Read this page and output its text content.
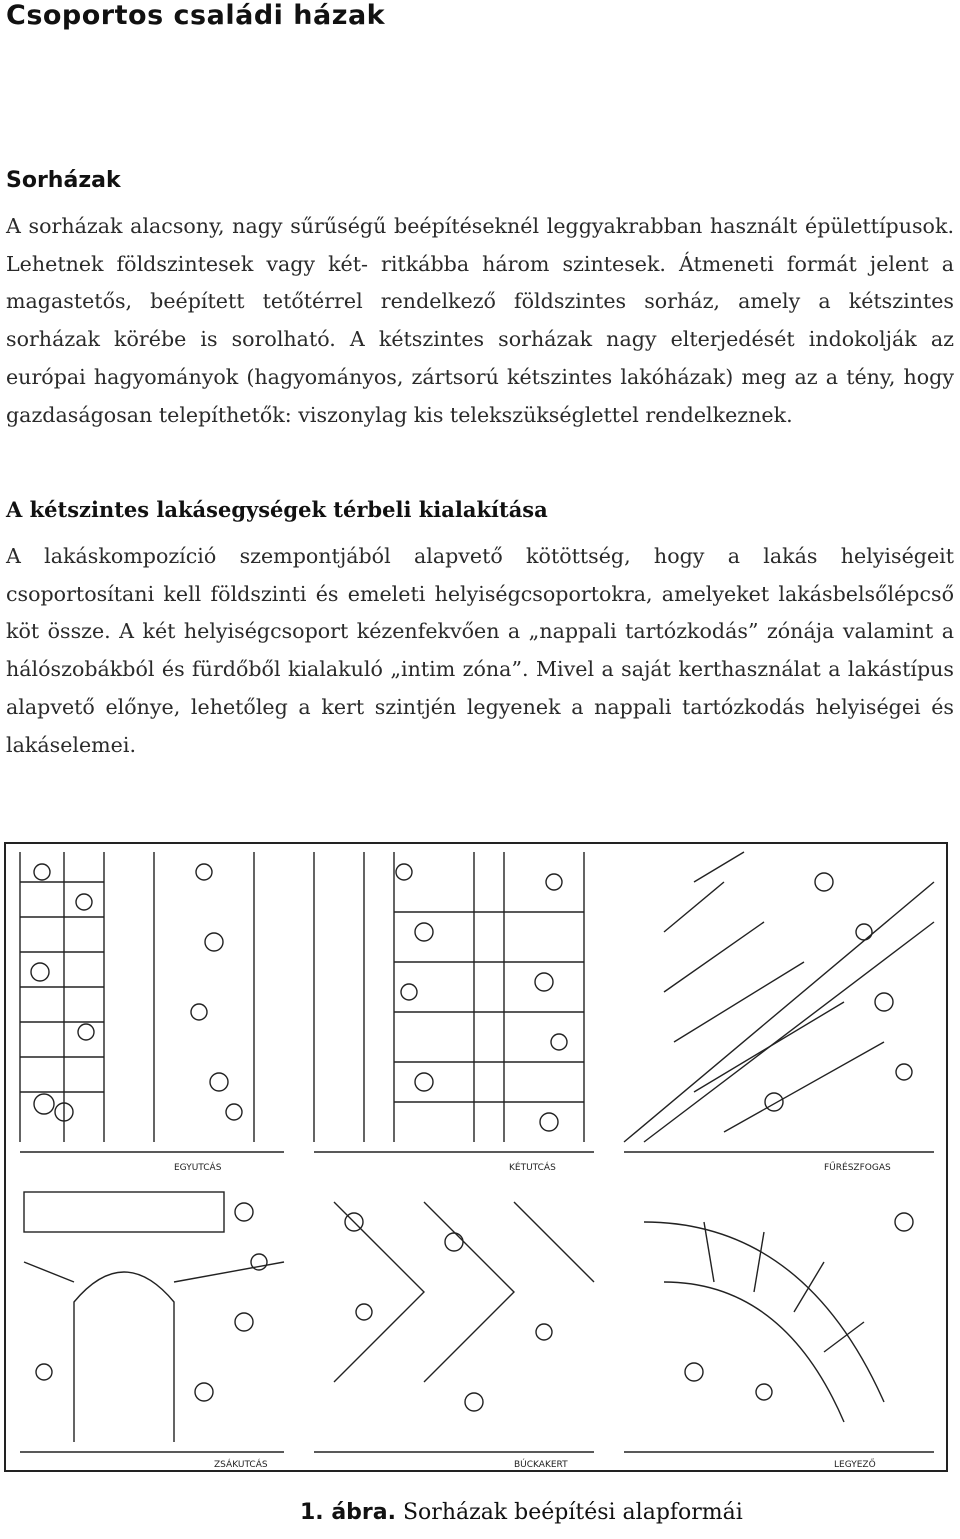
Csoportos családi házak
Sorházak
A sorházak alacsony, nagy sűrűségű beépítéseknél leggyakrabban használt épülettípusok. Lehetnek földszintesek vagy két- ritkábba három szintesek. Átmeneti formát jelent a magastetős, beépített tetőtérrel rendelkező földszintes sorház, amely a kétszintes sorházak körébe is sorolható. A kétszintes sorházak nagy elterjedését indokolják az európai hagyományok (hagyományos, zártsorú kétszintes lakóházak) meg az a tény, hogy gazdaságosan telepíthetők: viszonylag kis telekszükséglettel rendelkeznek.
A kétszintes lakásegységek térbeli kialakítása

A lakáskompozíció szempontjából alapvető kötöttség, hogy a lakás helyiségeit csoportosítani kell földszinti és emeleti helyiségcsoportokra, amelyeket lakásbelsőlépcső köt össze. A két helyiségcsoport kézenfekvően a „nappali tartózkodás” zónája valamint a hálószobákból és fürdőből kialakuló „intim zóna”. Mivel a saját kerthasználat a lakástípus alapvető előnye, lehetőleg a kert szintjén legyenek a nappali tartózkodás helyiségei és lakáselemei.

EGYUTCÁS	KÉTUTCÁS	FŰRÉSZFOGAS
ZSÁKUTCÁS	BÚCKAKERT	LEGYEZŐ

1. ábra. Sorházak beépítési alapformái
